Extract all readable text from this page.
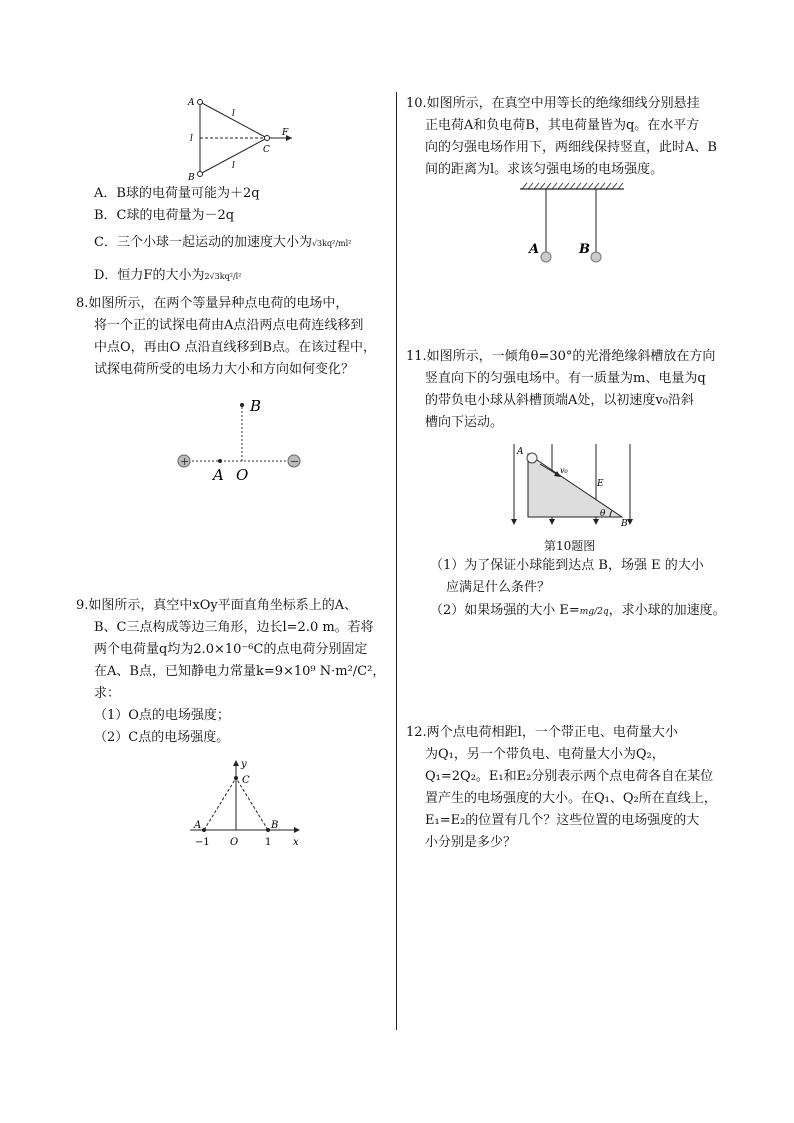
A
B
C
F
l
l
l
A．B球的电荷量可能为＋2q
B．C球的电荷量为－2q
C．三个小球一起运动的加速度大小为√3kq²/ml²
D．恒力F的大小为2√3kq²/l²
8.如图所示，在两个等量异种点电荷的电场中，
将一个正的试探电荷由A点沿两点电荷连线移到
中点O，再由O 点沿直线移到B点。在该过程中，
试探电荷所受的电场力大小和方向如何变化？
+	−
B
A O
9.如图所示，真空中xOy平面直角坐标系上的A、
B、C三点构成等边三角形，边长l=2.0 m。若将
两个电荷量q均为2.0×10⁻⁶C的点电荷分别固定
在A、B点，已知静电力常量k=9×10⁹ N·m²/C²，
求：
（1）O点的电场强度；
（2）C点的电场强度。
y
x
C
A	B
O
−1	1
10.如图所示，在真空中用等长的绝缘细线分别悬挂
正电荷A和负电荷B，其电荷量皆为q。在水平方
向的匀强电场作用下，两细线保持竖直，此时A、B
间的距离为l。求该匀强电场的电场强度。
A	B
11.如图所示，一倾角θ=30°的光滑绝缘斜槽放在方向
竖直向下的匀强电场中。有一质量为m、电量为q
的带负电小球从斜槽顶端A处，以初速度v₀沿斜
槽向下运动。
A
B
E
v₀
θ
第10题图
（1）为了保证小球能到达点 B，场强 E 的大小
应满足什么条件？
（2）如果场强的大小 E=mg/2q，求小球的加速度。
12.两个点电荷相距l，一个带正电、电荷量大小
为Q₁，另一个带负电、电荷量大小为Q₂，
Q₁=2Q₂。E₁和E₂分别表示两个点电荷各自在某位
置产生的电场强度的大小。在Q₁、Q₂所在直线上，
E₁=E₂的位置有几个？这些位置的电场强度的大
小分别是多少？
